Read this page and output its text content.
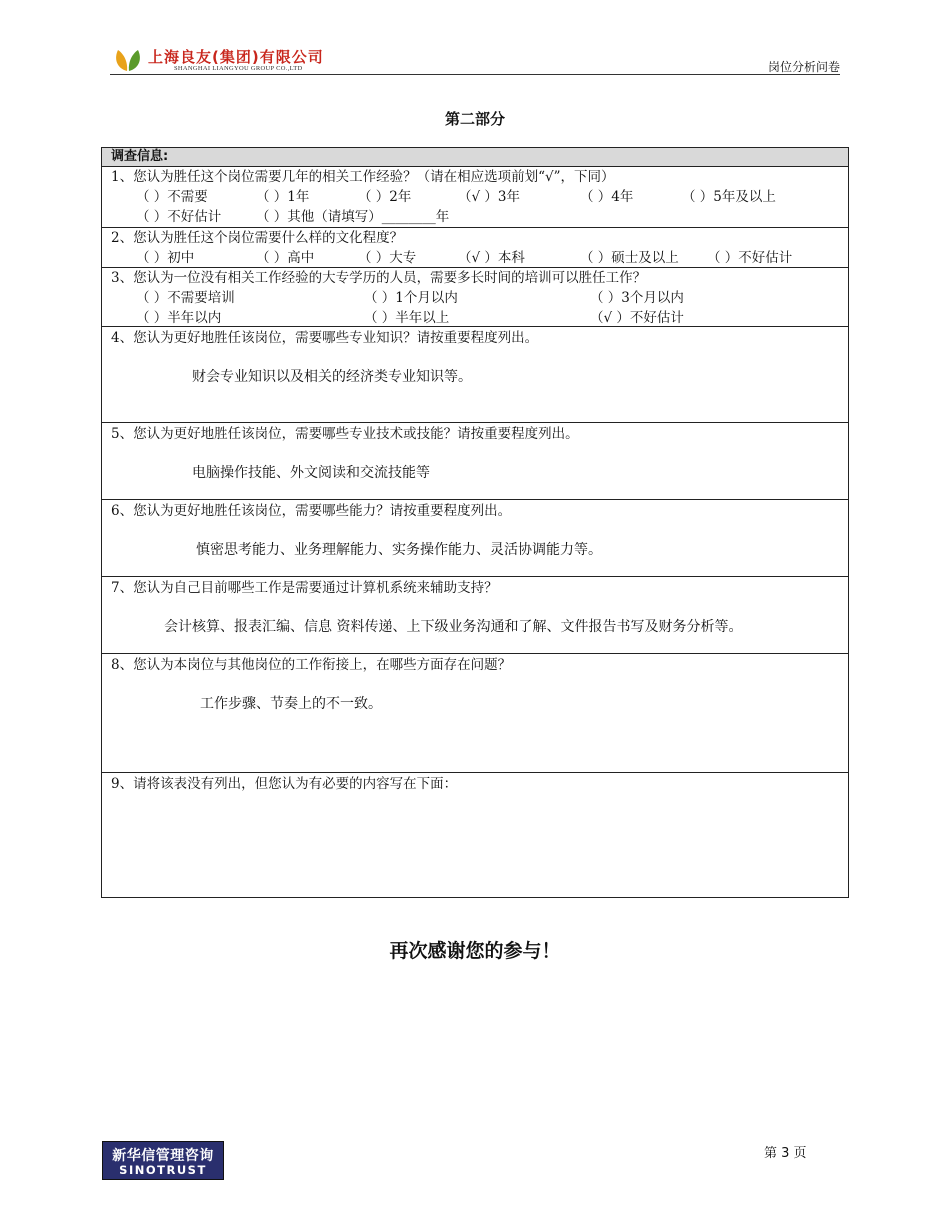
上海良友(集团)有限公司
SHANGHAI LIANGYOU GROUP CO.,LTD	岗位分析问卷
第二部分
调查信息:
1、您认为胜任这个岗位需要几年的相关工作经验？（请在相应选项前划“√”，下同）
（ ）不需要	（ ）1年	（ ）2年	（√ ）3年	（ ）4年	（ ）5年及以上
（ ）不好估计	（ ）其他（请填写）________年
2、您认为胜任这个岗位需要什么样的文化程度？
（ ）初中	（ ）高中	（ ）大专	（√ ）本科	（ ）硕士及以上 （ ）不好估计
3、您认为一位没有相关工作经验的大专学历的人员，需要多长时间的培训可以胜任工作？
（ ）不需要培训	（ ）1个月以内	（ ）3个月以内
（ ）半年以内	（ ）半年以上	（√ ）不好估计
4、您认为更好地胜任该岗位，需要哪些专业知识？请按重要程度列出。
财会专业知识以及相关的经济类专业知识等。
5、您认为更好地胜任该岗位，需要哪些专业技术或技能？请按重要程度列出。
电脑操作技能、外文阅读和交流技能等
6、您认为更好地胜任该岗位，需要哪些能力？请按重要程度列出。
慎密思考能力、业务理解能力、实务操作能力、灵活协调能力等。
7、您认为自己目前哪些工作是需要通过计算机系统来辅助支持？
会计核算、报表汇编、信息 资料传递、上下级业务沟通和了解、文件报告书写及财务分析等。
8、您认为本岗位与其他岗位的工作衔接上，在哪些方面存在问题？
工作步骤、节奏上的不一致。
9、请将该表没有列出，但您认为有必要的内容写在下面：
再次感谢您的参与！
新华信管理咨询
SINOTRUST
第 3 页
